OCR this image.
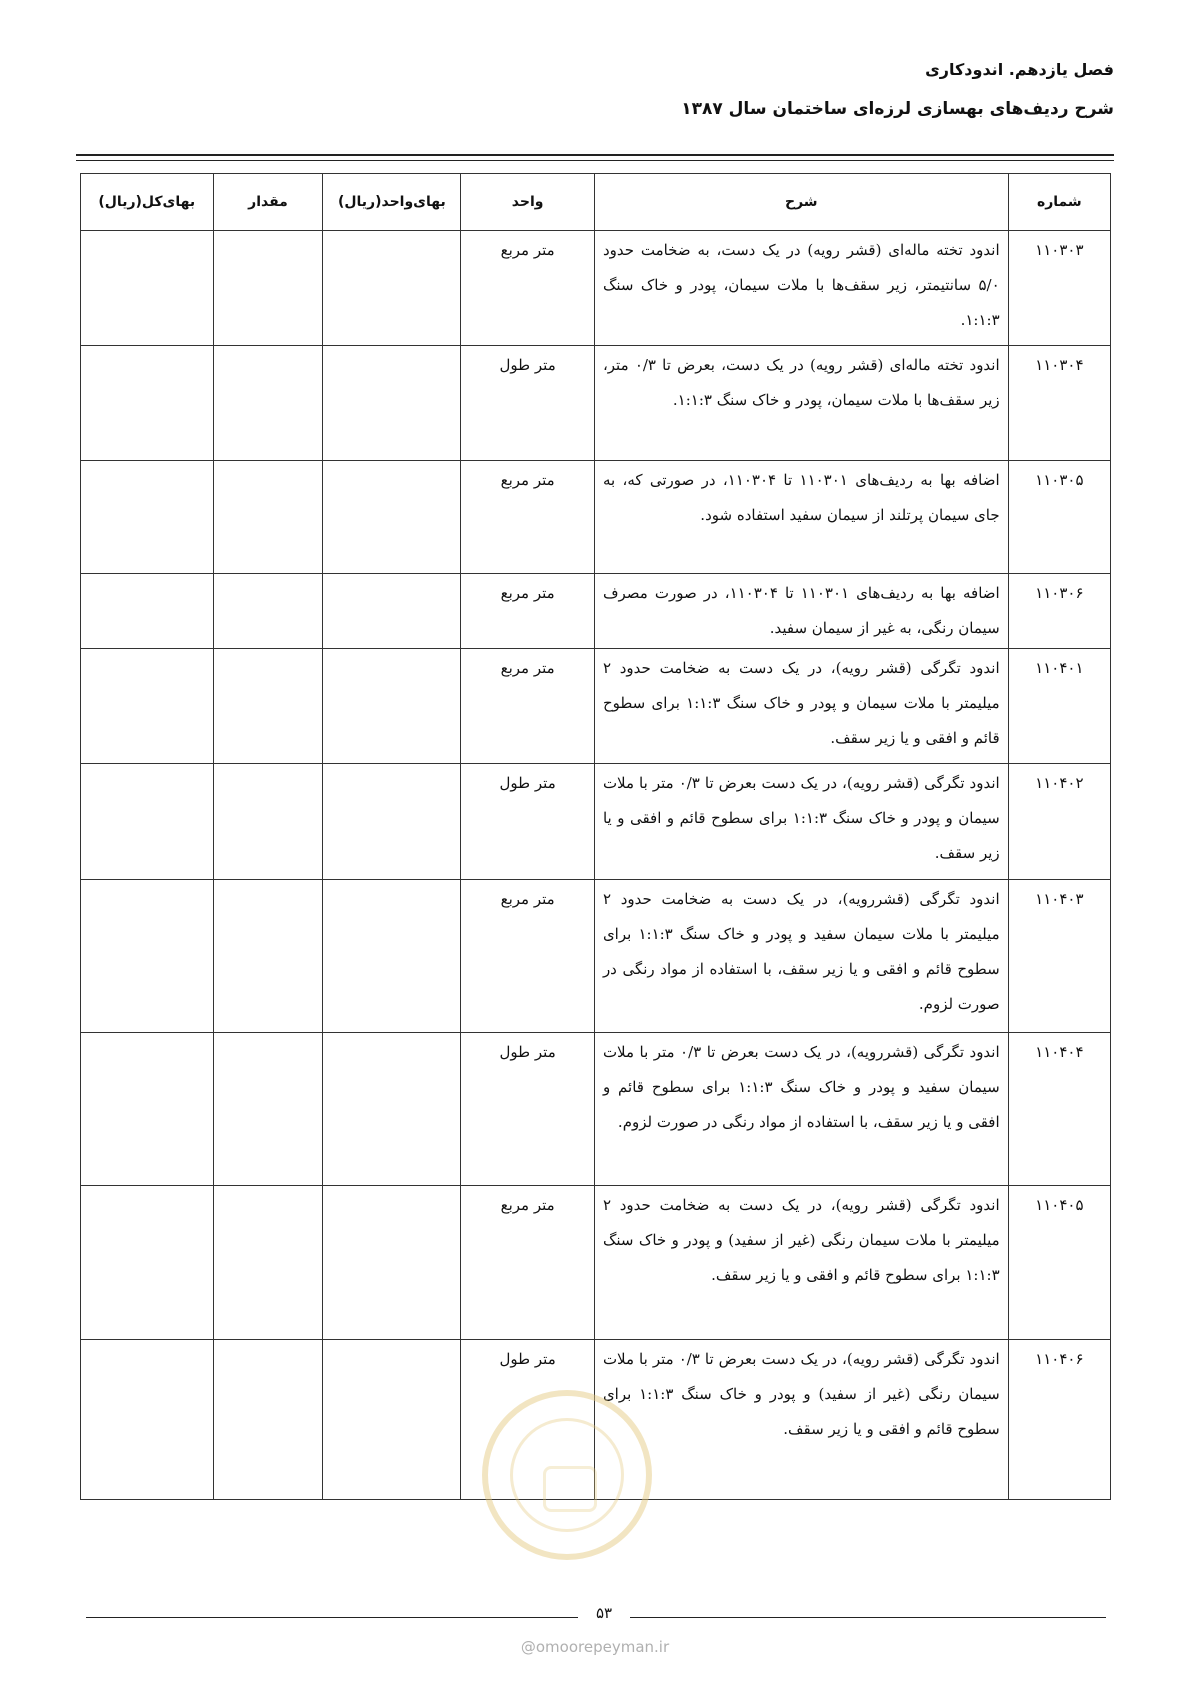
فصل یازدهم. اندودکاری
شرح ردیف‌های بهسازی لرزه‌ای ساختمان سال ۱۳۸۷
شماره	شرح	واحد	بهای‌واحد(ریال)	مقدار	بهای‌کل(ریال)
۱۱۰۳۰۳	اندود تخته ماله‌ای (قشر رویه) در یک دست، به ضخامت حدود ۵/۰ سانتیمتر، زیر سقف‌ها با ملات سیمان، پودر و خاک سنگ ۱:۱:۳.	متر مربع			
۱۱۰۳۰۴	اندود تخته ماله‌ای (قشر رویه) در یک دست، بعرض تا ۰/۳ متر، زیر سقف‌ها با ملات سیمان، پودر و خاک سنگ ۱:۱:۳.	متر طول			
۱۱۰۳۰۵	اضافه بها به ردیف‌های ۱۱۰۳۰۱ تا ۱۱۰۳۰۴، در صورتی که، به جای سیمان پرتلند از سیمان سفید استفاده شود.	متر مربع			
۱۱۰۳۰۶	اضافه بها به ردیف‌های ۱۱۰۳۰۱ تا ۱۱۰۳۰۴، در صورت مصرف سیمان رنگی، به غیر از سیمان سفید.	متر مربع			
۱۱۰۴۰۱	اندود تگرگی (قشر رویه)، در یک دست به ضخامت حدود ۲ میلیمتر با ملات سیمان و پودر و خاک سنگ ۱:۱:۳ برای سطوح قائم و افقی و یا زیر سقف.	متر مربع			
۱۱۰۴۰۲	اندود تگرگی (قشر رویه)، در یک دست بعرض تا ۰/۳ متر با ملات سیمان و پودر و خاک سنگ ۱:۱:۳ برای سطوح قائم و افقی و یا زیر سقف.	متر طول			
۱۱۰۴۰۳	اندود تگرگی (قشررویه)، در یک دست به ضخامت حدود ۲ میلیمتر با ملات سیمان سفید و پودر و خاک سنگ ۱:۱:۳ برای سطوح قائم و افقی و یا زیر سقف، با استفاده از مواد رنگی در صورت لزوم.	متر مربع			
۱۱۰۴۰۴	اندود تگرگی (قشررویه)، در یک دست بعرض تا ۰/۳ متر با ملات سیمان سفید و پودر و خاک سنگ ۱:۱:۳ برای سطوح قائم و افقی و یا زیر سقف، با استفاده از مواد رنگی در صورت لزوم.	متر طول			
۱۱۰۴۰۵	اندود تگرگی (قشر رویه)، در یک دست به ضخامت حدود ۲ میلیمتر با ملات سیمان رنگی (غیر از سفید) و پودر و خاک سنگ ۱:۱:۳ برای سطوح قائم و افقی و یا زیر سقف.	متر مربع			
۱۱۰۴۰۶	اندود تگرگی (قشر رویه)، در یک دست بعرض تا ۰/۳ متر با ملات سیمان رنگی (غیر از سفید) و پودر و خاک سنگ ۱:۱:۳ برای سطوح قائم و افقی و یا زیر سقف.	متر طول			
۵۳
@omoorepeyman.ir
